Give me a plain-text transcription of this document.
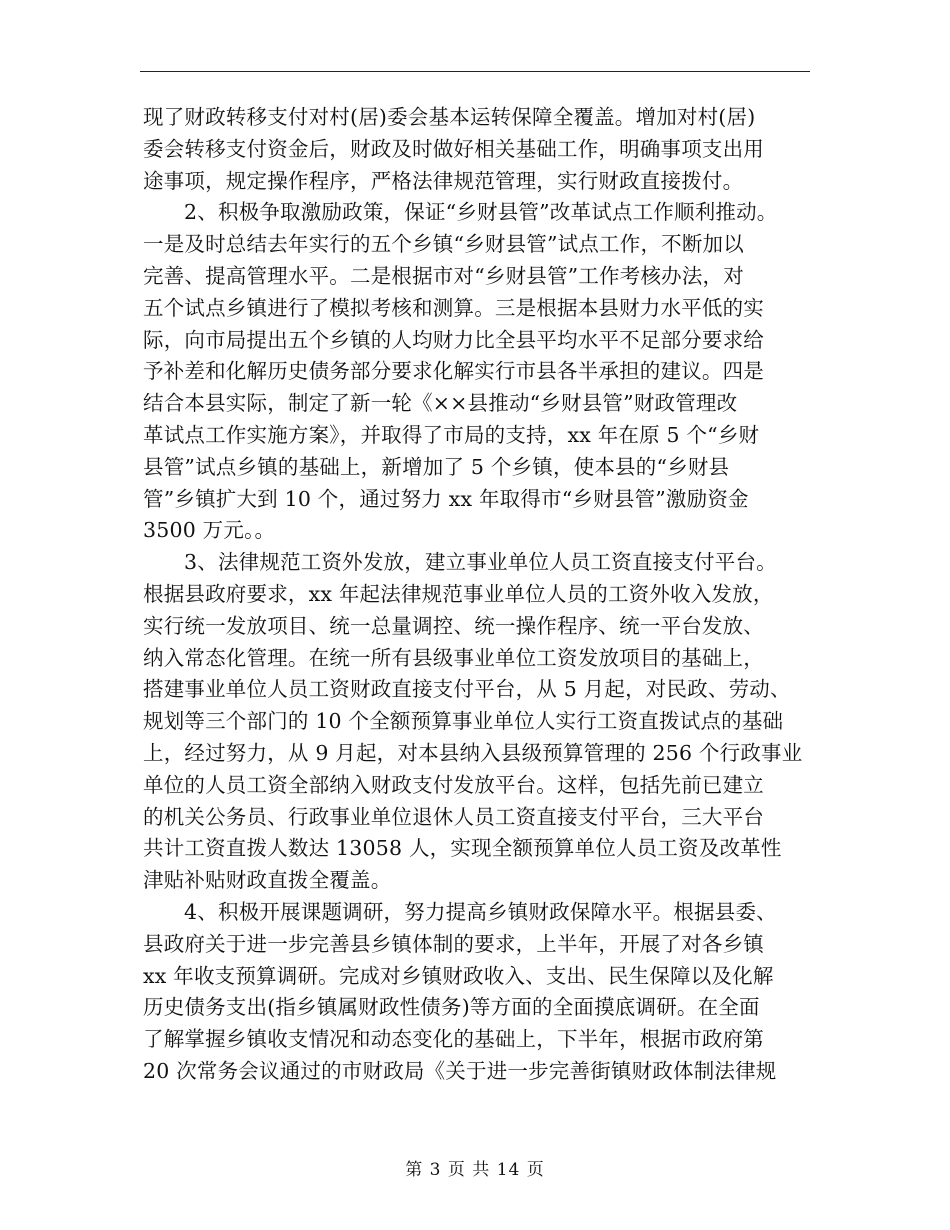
现了财政转移支付对村(居)委会基本运转保障全覆盖。增加对村(居)
委会转移支付资金后，财政及时做好相关基础工作，明确事项支出用
途事项，规定操作程序，严格法律规范管理，实行财政直接拨付。
2、积极争取激励政策，保证“乡财县管”改革试点工作顺利推动。
一是及时总结去年实行的五个乡镇“乡财县管”试点工作，不断加以
完善、提高管理水平。二是根据市对“乡财县管”工作考核办法，对
五个试点乡镇进行了模拟考核和测算。三是根据本县财力水平低的实
际，向市局提出五个乡镇的人均财力比全县平均水平不足部分要求给
予补差和化解历史债务部分要求化解实行市县各半承担的建议。四是
结合本县实际，制定了新一轮《××县推动“乡财县管”财政管理改
革试点工作实施方案》，并取得了市局的支持，xx 年在原 5 个“乡财
县管”试点乡镇的基础上，新增加了 5 个乡镇，使本县的“乡财县
管”乡镇扩大到 10 个，通过努力 xx 年取得市“乡财县管”激励资金
3500 万元。。
3、法律规范工资外发放，建立事业单位人员工资直接支付平台。
根据县政府要求，xx 年起法律规范事业单位人员的工资外收入发放，
实行统一发放项目、统一总量调控、统一操作程序、统一平台发放、
纳入常态化管理。在统一所有县级事业单位工资发放项目的基础上，
搭建事业单位人员工资财政直接支付平台，从 5 月起，对民政、劳动、
规划等三个部门的 10 个全额预算事业单位人实行工资直拨试点的基础
上，经过努力，从 9 月起，对本县纳入县级预算管理的 256 个行政事业
单位的人员工资全部纳入财政支付发放平台。这样，包括先前已建立
的机关公务员、行政事业单位退休人员工资直接支付平台，三大平台
共计工资直拨人数达 13058 人，实现全额预算单位人员工资及改革性
津贴补贴财政直拨全覆盖。
4、积极开展课题调研，努力提高乡镇财政保障水平。根据县委、
县政府关于进一步完善县乡镇体制的要求，上半年，开展了对各乡镇
xx 年收支预算调研。完成对乡镇财政收入、支出、民生保障以及化解
历史债务支出(指乡镇属财政性债务)等方面的全面摸底调研。在全面
了解掌握乡镇收支情况和动态变化的基础上，下半年，根据市政府第
20 次常务会议通过的市财政局《关于进一步完善街镇财政体制法律规
第 3 页 共 14 页
